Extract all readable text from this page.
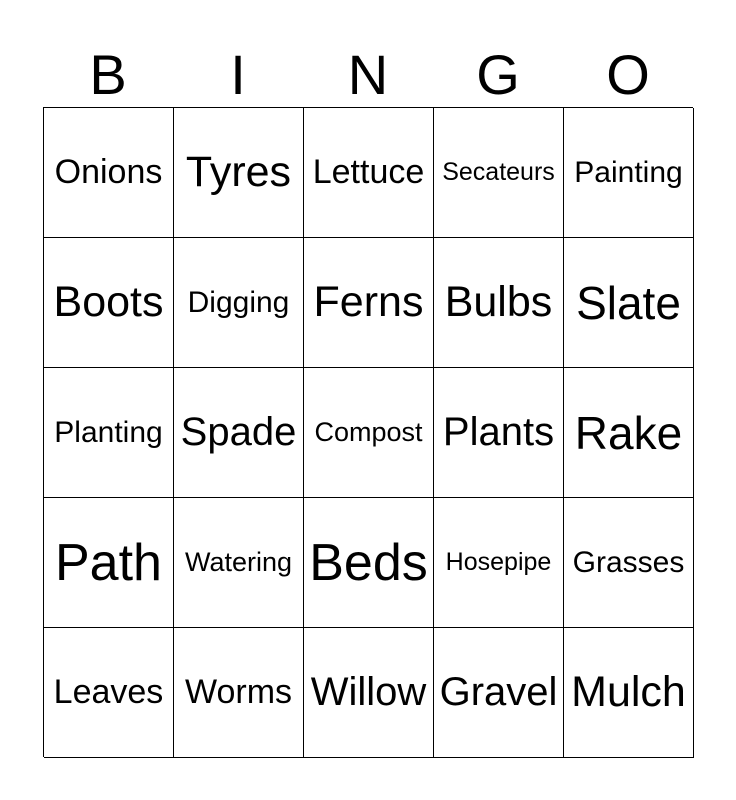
B	I	N	G	O
Onions Tyres Lettuce Secateurs Painting
Boots Digging Ferns Bulbs Slate
Planting Spade Compost Plants Rake
Path Watering Beds Hosepipe Grasses
Leaves Worms Willow Gravel Mulch
